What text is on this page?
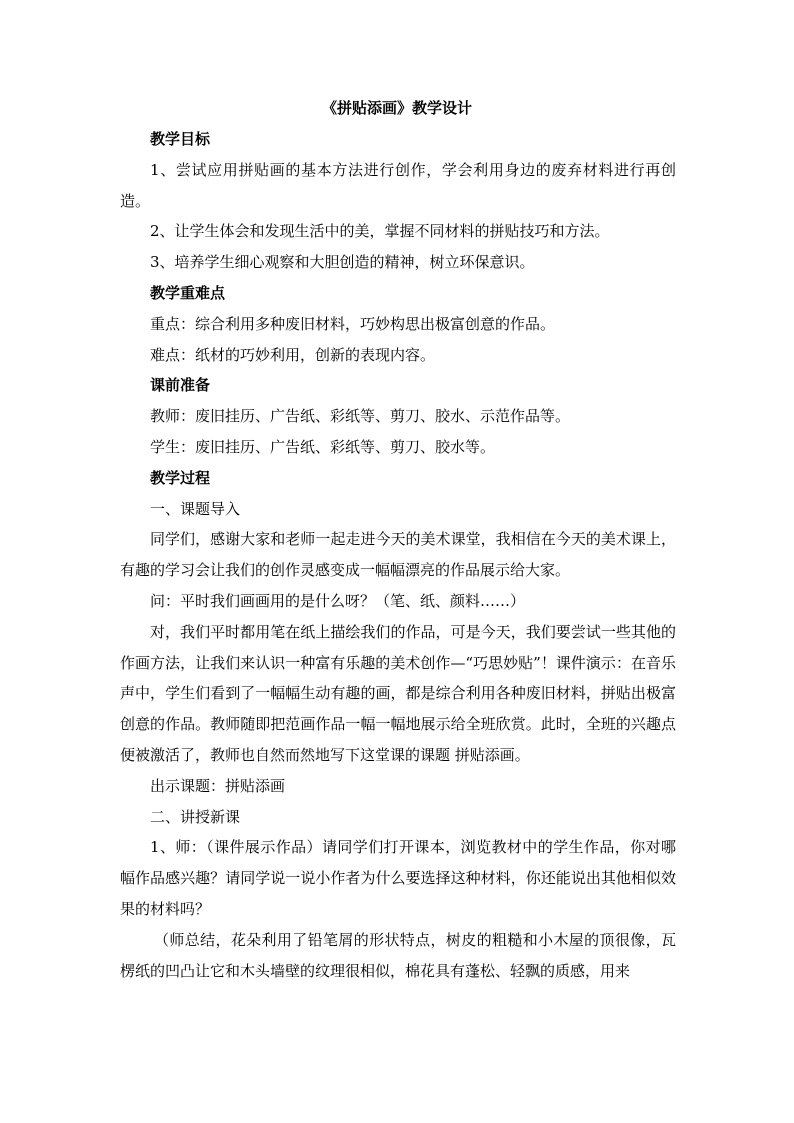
《拼贴添画》教学设计

教学目标

1、尝试应用拼贴画的基本方法进行创作，学会利用身边的废弃材料进行再创造。

2、让学生体会和发现生活中的美，掌握不同材料的拼贴技巧和方法。

3、培养学生细心观察和大胆创造的精神，树立环保意识。

教学重难点

重点：综合利用多种废旧材料，巧妙构思出极富创意的作品。

难点：纸材的巧妙利用，创新的表现内容。

课前准备

教师：废旧挂历、广告纸、彩纸等、剪刀、胶水、示范作品等。

学生：废旧挂历、广告纸、彩纸等、剪刀、胶水等。

教学过程

一、课题导入

同学们，感谢大家和老师一起走进今天的美术课堂，我相信在今天的美术课上，有趣的学习会让我们的创作灵感变成一幅幅漂亮的作品展示给大家。

问：平时我们画画用的是什么呀？（笔、纸、颜料……）

对，我们平时都用笔在纸上描绘我们的作品，可是今天，我们要尝试一些其他的作画方法，让我们来认识一种富有乐趣的美术创作—“巧思妙贴”！课件演示：在音乐声中，学生们看到了一幅幅生动有趣的画，都是综合利用各种废旧材料，拼贴出极富创意的作品。教师随即把范画作品一幅一幅地展示给全班欣赏。此时，全班的兴趣点便被激活了，教师也自然而然地写下这堂课的课题 拼贴添画。

出示课题：拼贴添画

二、讲授新课

1、师：（课件展示作品）请同学们打开课本，浏览教材中的学生作品，你对哪幅作品感兴趣？请同学说一说小作者为什么要选择这种材料，你还能说出其他相似效果的材料吗？

（师总结，花朵利用了铅笔屑的形状特点，树皮的粗糙和小木屋的顶很像，瓦楞纸的凹凸让它和木头墙壁的纹理很相似，棉花具有蓬松、轻飘的质感，用来
